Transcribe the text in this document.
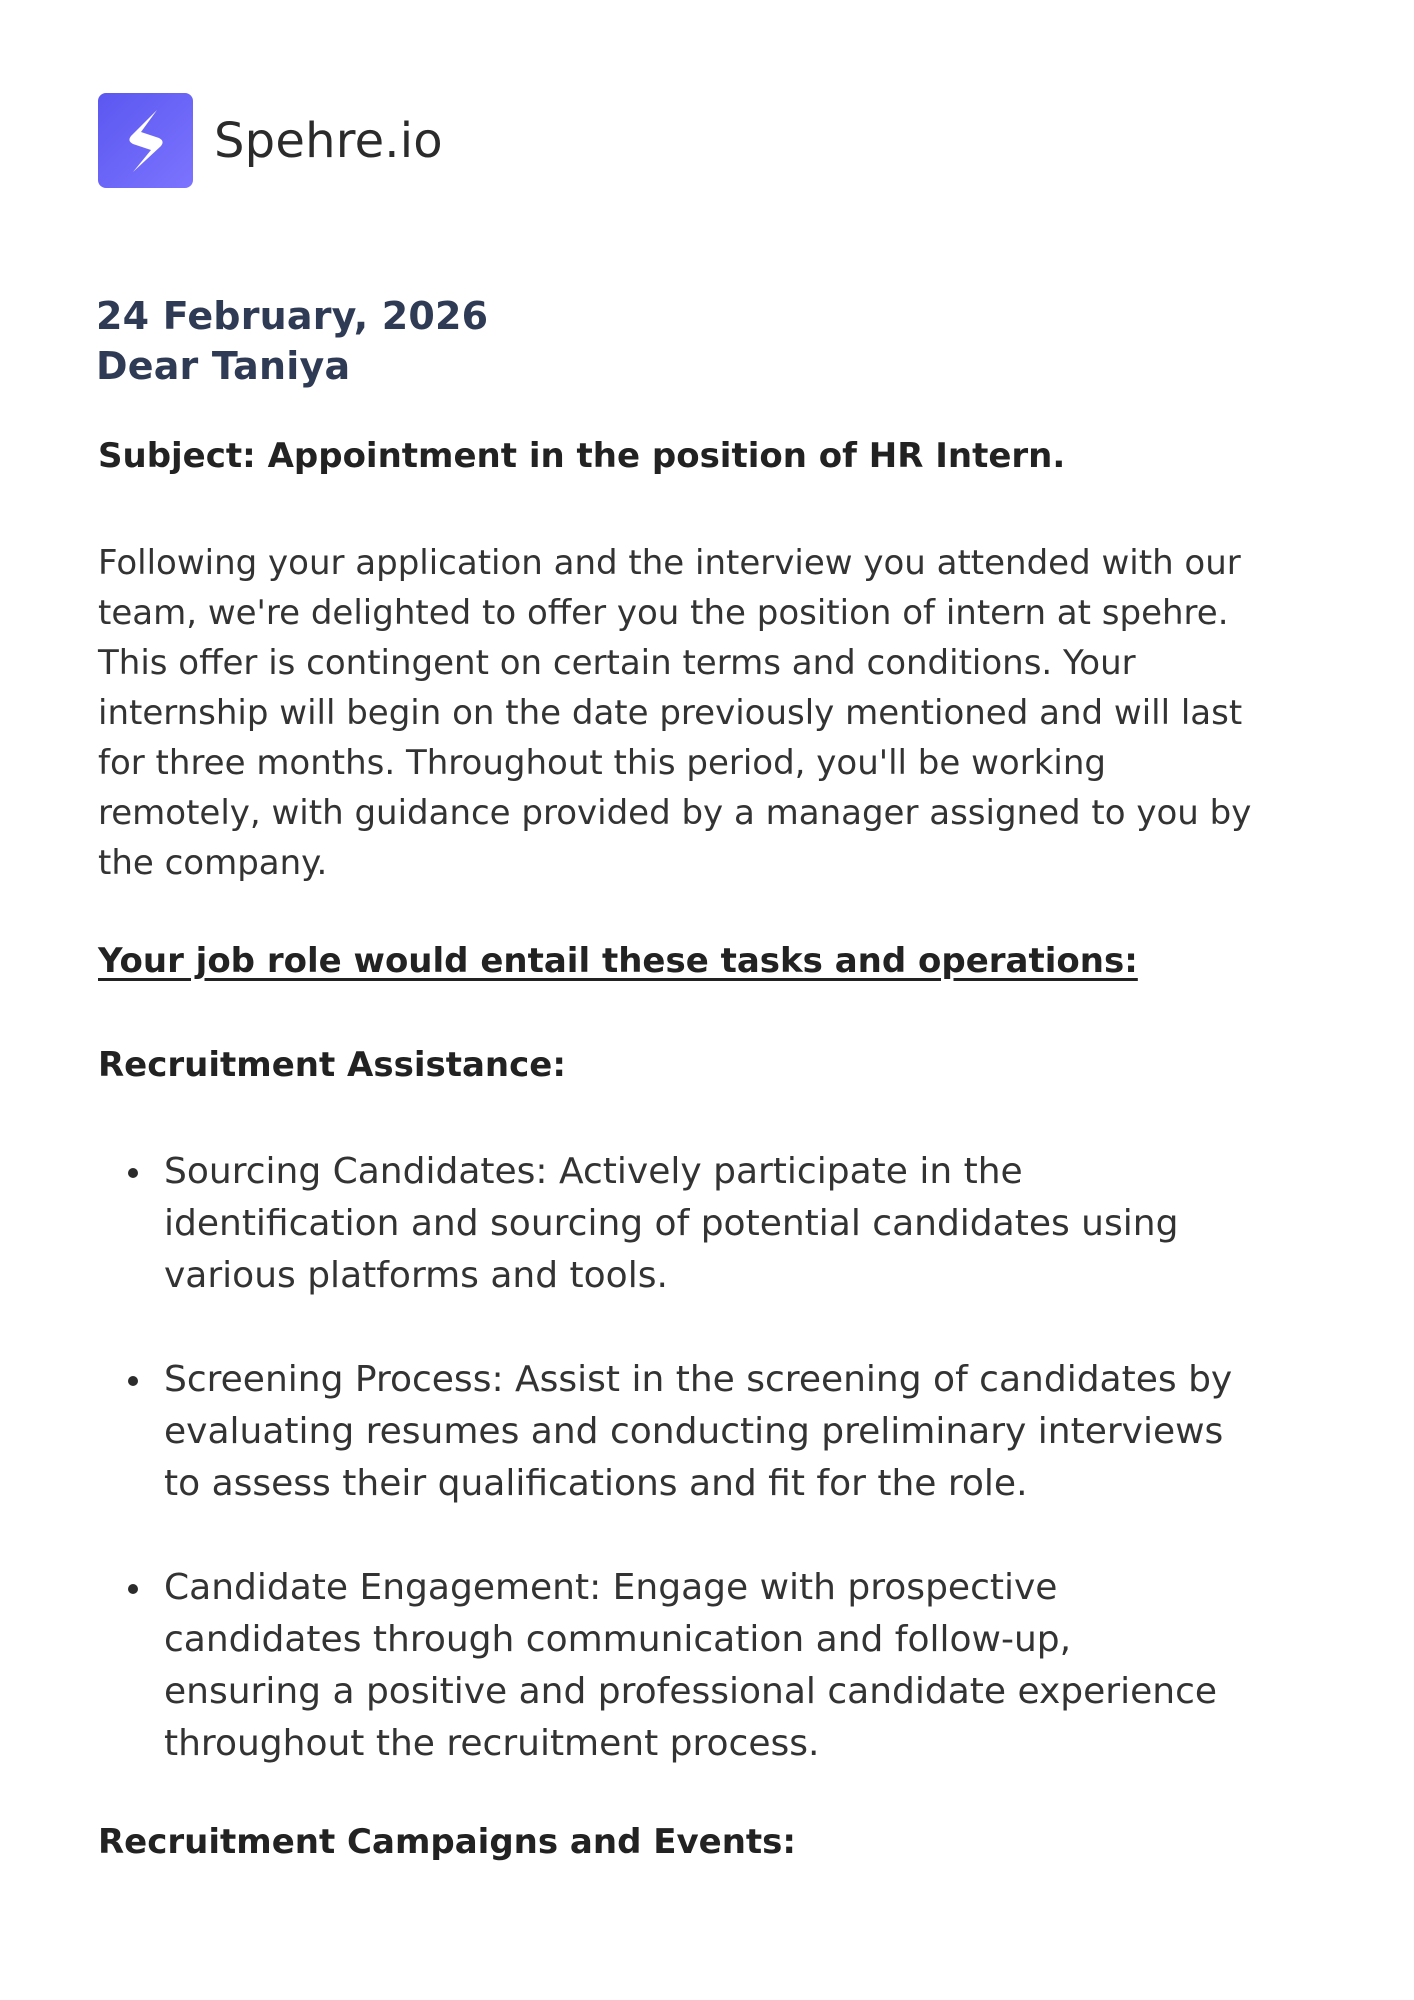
Spehre.io
24 February, 2026
Dear Taniya
Subject: Appointment in the position of HR Intern.
Following your application and the interview you attended with our
team, we're delighted to offer you the position of intern at spehre.
This offer is contingent on certain terms and conditions. Your
internship will begin on the date previously mentioned and will last
for three months. Throughout this period, you'll be working
remotely, with guidance provided by a manager assigned to you by
the company.
Your job role would entail these tasks and operations:
Recruitment Assistance:
Sourcing Candidates: Actively participate in the
identification and sourcing of potential candidates using
various platforms and tools.
Screening Process: Assist in the screening of candidates by
evaluating resumes and conducting preliminary interviews
to assess their qualifications and fit for the role.
Candidate Engagement: Engage with prospective
candidates through communication and follow-up,
ensuring a positive and professional candidate experience
throughout the recruitment process.
Recruitment Campaigns and Events:
